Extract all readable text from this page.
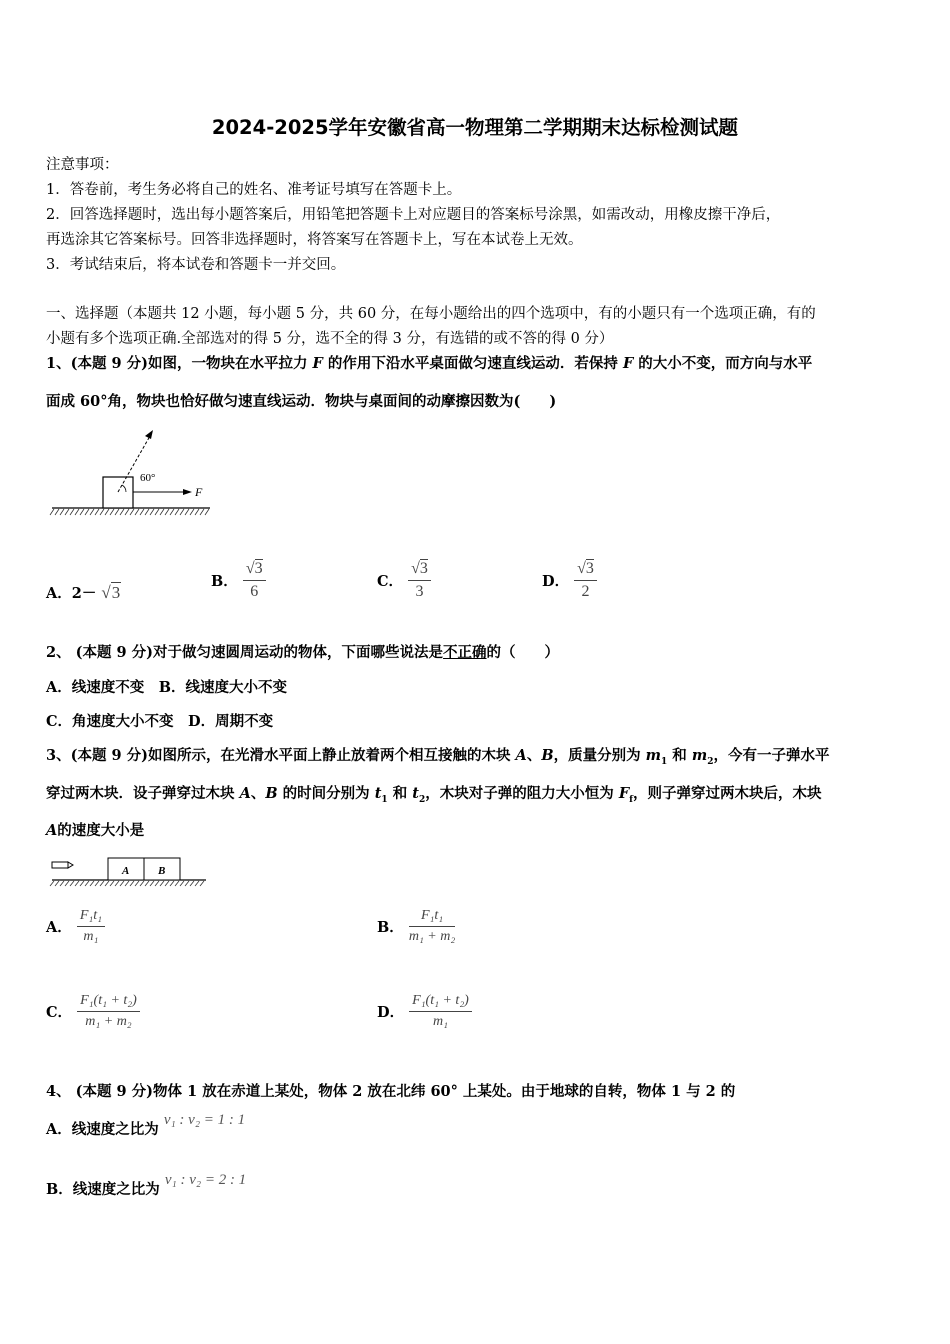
2024-2025学年安徽省高一物理第二学期期末达标检测试题
注意事项：
1．答卷前，考生务必将自己的姓名、准考证号填写在答题卡上。
2．回答选择题时，选出每小题答案后，用铅笔把答题卡上对应题目的答案标号涂黑，如需改动，用橡皮擦干净后，
再选涂其它答案标号。回答非选择题时，将答案写在答题卡上，写在本试卷上无效。
3．考试结束后，将本试卷和答题卡一并交回。
一、选择题（本题共 12 小题，每小题 5 分，共 60 分，在每小题给出的四个选项中，有的小题只有一个选项正确，有的
小题有多个选项正确.全部选对的得 5 分，选不全的得 3 分，有选错的或不答的得 0 分）
1、(本题 9 分)如图，一物块在水平拉力 F 的作用下沿水平桌面做匀速直线运动．若保持 F 的大小不变，而方向与水平
面成 60°角，物块也恰好做匀速直线运动．物块与桌面间的动摩擦因数为(　　)
60°
F
A．2－ √3
B． $\frac{√3}{6}$	C． $\frac{√3}{3}$	D． $\frac{√3}{2}$
2、 (本题 9 分)对于做匀速圆周运动的物体，下面哪些说法是不正确的（　　）
A．线速度不变　B．线速度大小不变
C．角速度大小不变　D．周期不变
3、(本题 9 分)如图所示，在光滑水平面上静止放着两个相互接触的木块 A、B，质量分别为 $m_1$ 和 $m_2$，今有一子弹水平
穿过两木块．设子弹穿过木块 A、B 的时间分别为 $t_1$ 和 $t_2$，木块对子弹的阻力大小恒为 $F_f$，则子弹穿过两木块后，木块
A的速度大小是
A	B
A． $\frac{\text{F₁t₁}}{\text{m₁}}$	B． $\frac{\text{F₁t₁}}{\text{m₁ + m₂}}$
C． $\frac{\text{F₁(t₁ + t₂)}}{\text{m₁ + m₂}}$	D． $\frac{\text{F₁(t₁ + t₂)}}{\text{m₁}}$
4、 (本题 9 分)物体 1 放在赤道上某处，物体 2 放在北纬 60° 上某处。由于地球的自转，物体 1 与 2 的
A．线速度之比为 v₁ : v₂ = 1 : 1
B．线速度之比为 v₁ : v₂ = 2 : 1
